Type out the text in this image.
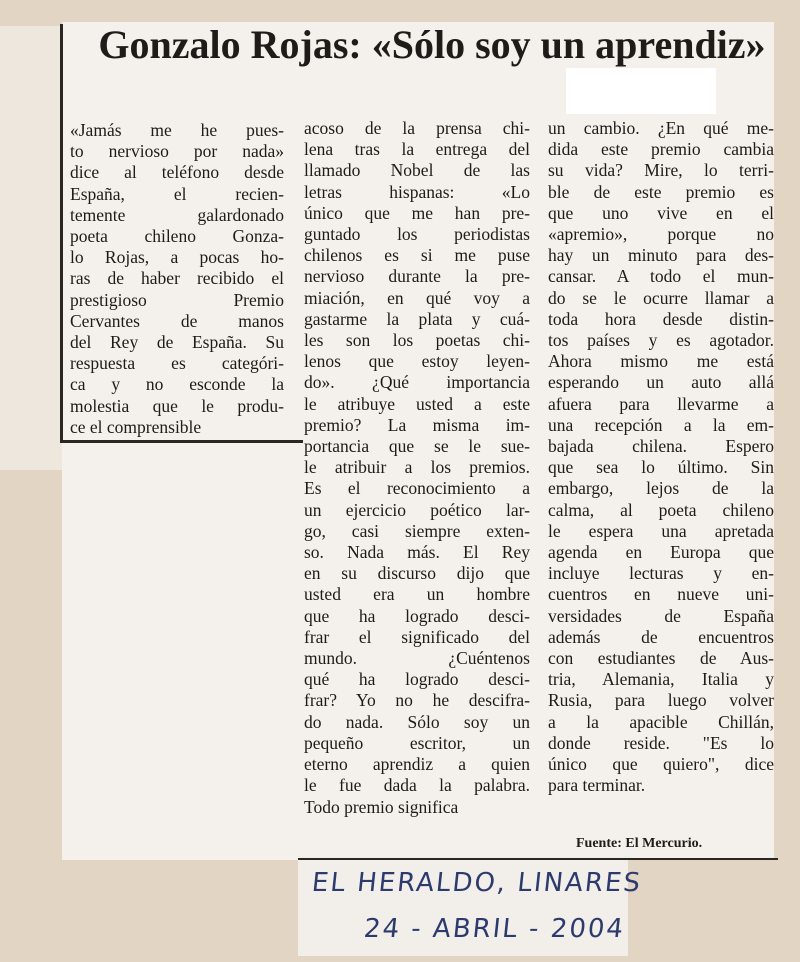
Gonzalo Rojas: «Sólo soy un aprendiz»
«Jamás me he pues-
to nervioso por nada»
dice al teléfono desde
España, el recien-
temente galardonado
poeta chileno Gonza-
lo Rojas, a pocas ho-
ras de haber recibido el
prestigioso Premio
Cervantes de manos
del Rey de España. Su
respuesta es categóri-
ca y no esconde la
molestia que le produ-
ce el comprensible
acoso de la prensa chi-
lena tras la entrega del
llamado Nobel de las
letras hispanas: «Lo
único que me han pre-
guntado los periodistas
chilenos es si me puse
nervioso durante la pre-
miación, en qué voy a
gastarme la plata y cuá-
les son los poetas chi-
lenos que estoy leyen-
do». ¿Qué importancia
le atribuye usted a este
premio? La misma im-
portancia que se le sue-
le atribuir a los premios.
Es el reconocimiento a
un ejercicio poético lar-
go, casi siempre exten-
so. Nada más. El Rey
en su discurso dijo que
usted era un hombre
que ha logrado desci-
frar el significado del
mundo. ¿Cuéntenos
qué ha logrado desci-
frar? Yo no he descifra-
do nada. Sólo soy un
pequeño escritor, un
eterno aprendiz a quien
le fue dada la palabra.
Todo premio significa
un cambio. ¿En qué me-
dida este premio cambia
su vida? Mire, lo terri-
ble de este premio es
que uno vive en el
«apremio», porque no
hay un minuto para des-
cansar. A todo el mun-
do se le ocurre llamar a
toda hora desde distin-
tos países y es agotador.
Ahora mismo me está
esperando un auto allá
afuera para llevarme a
una recepción a la em-
bajada chilena. Espero
que sea lo último. Sin
embargo, lejos de la
calma, al poeta chileno
le espera una apretada
agenda en Europa que
incluye lecturas y en-
cuentros en nueve uni-
versidades de España
además de encuentros
con estudiantes de Aus-
tria, Alemania, Italia y
Rusia, para luego volver
a la apacible Chillán,
donde reside. "Es lo
único que quiero", dice
para terminar.
Fuente: El Mercurio.
EL HERALDO, LINARES
24 - ABRIL - 2004
